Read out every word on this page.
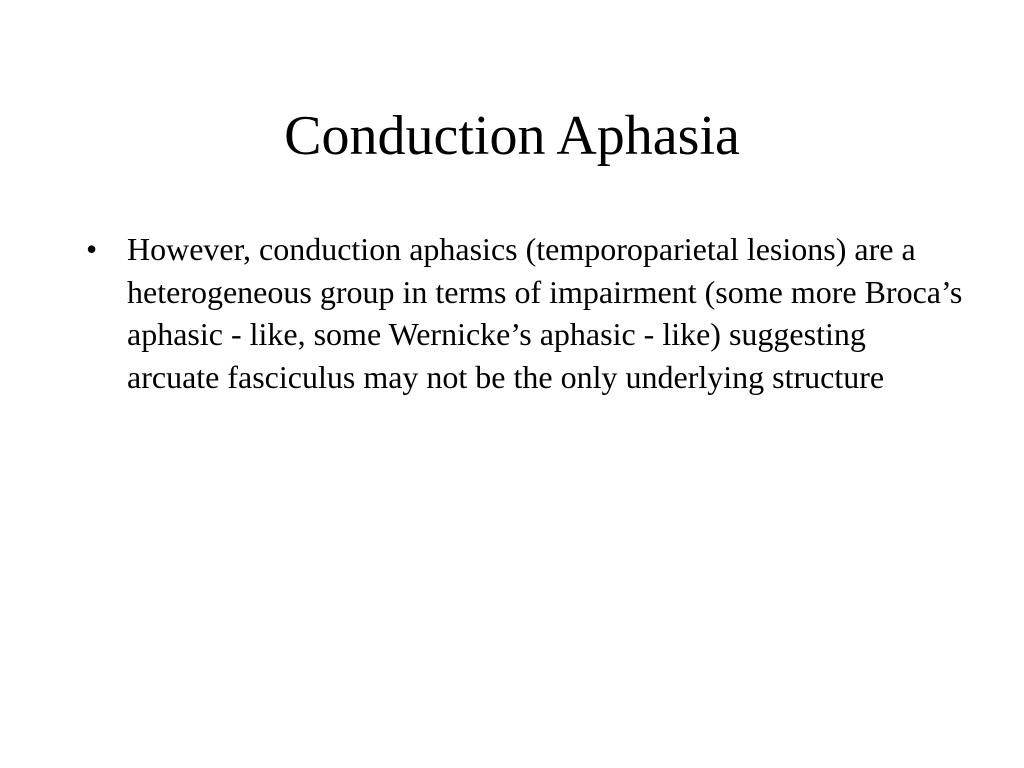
Conduction Aphasia
• However, conduction aphasics (temporoparietal lesions) are a heterogeneous group in terms of impairment (some more Broca’s aphasic - like, some Wernicke’s aphasic - like) suggesting arcuate fasciculus may not be the only underlying structure
